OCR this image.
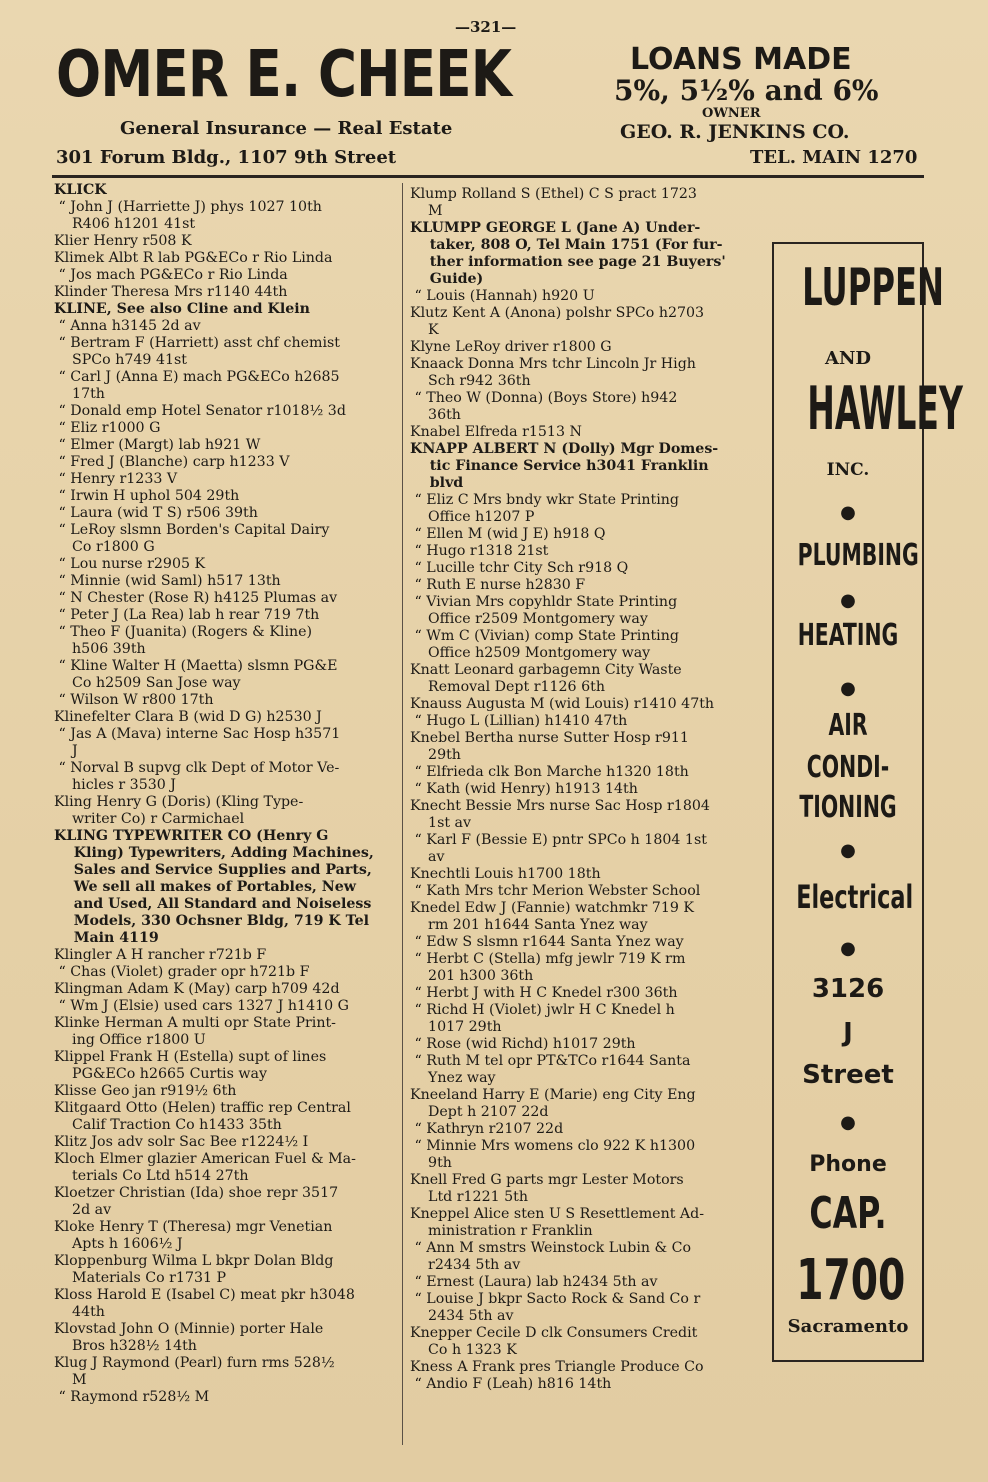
—321—
OMER E. CHEEK
General Insurance — Real Estate
301 Forum Bldg., 1107 9th Street
LOANS MADE
5%, 5½% and 6%
OWNER
GEO. R. JENKINS CO.
TEL. MAIN 1270
KLICK
“ John J (Harriette J) phys 1027 10th
R406 h1201 41st
Klier Henry r508 K
Klimek Albt R lab PG&ECo r Rio Linda
“ Jos mach PG&ECo r Rio Linda
Klinder Theresa Mrs r1140 44th
KLINE, See also Cline and Klein
“ Anna h3145 2d av
“ Bertram F (Harriett) asst chf chemist
SPCo h749 41st
“ Carl J (Anna E) mach PG&ECo h2685
17th
“ Donald emp Hotel Senator r1018½ 3d
“ Eliz r1000 G
“ Elmer (Margt) lab h921 W
“ Fred J (Blanche) carp h1233 V
“ Henry r1233 V
“ Irwin H uphol 504 29th
“ Laura (wid T S) r506 39th
“ LeRoy slsmn Borden's Capital Dairy
Co r1800 G
“ Lou nurse r2905 K
“ Minnie (wid Saml) h517 13th
“ N Chester (Rose R) h4125 Plumas av
“ Peter J (La Rea) lab h rear 719 7th
“ Theo F (Juanita) (Rogers & Kline)
h506 39th
“ Kline Walter H (Maetta) slsmn PG&E
Co h2509 San Jose way
“ Wilson W r800 17th
Klinefelter Clara B (wid D G) h2530 J
“ Jas A (Mava) interne Sac Hosp h3571
J
“ Norval B supvg clk Dept of Motor Ve-
hicles r 3530 J
Kling Henry G (Doris) (Kling Type-
writer Co) r Carmichael
KLING TYPEWRITER CO (Henry G
Kling) Typewriters, Adding Machines,
Sales and Service Supplies and Parts,
We sell all makes of Portables, New
and Used, All Standard and Noiseless
Models, 330 Ochsner Bldg, 719 K Tel
Main 4119
Klingler A H rancher r721b F
“ Chas (Violet) grader opr h721b F
Klingman Adam K (May) carp h709 42d
“ Wm J (Elsie) used cars 1327 J h1410 G
Klinke Herman A multi opr State Print-
ing Office r1800 U
Klippel Frank H (Estella) supt of lines
PG&ECo h2665 Curtis way
Klisse Geo jan r919½ 6th
Klitgaard Otto (Helen) traffic rep Central
Calif Traction Co h1433 35th
Klitz Jos adv solr Sac Bee r1224½ I
Kloch Elmer glazier American Fuel & Ma-
terials Co Ltd h514 27th
Kloetzer Christian (Ida) shoe repr 3517
2d av
Kloke Henry T (Theresa) mgr Venetian
Apts h 1606½ J
Kloppenburg Wilma L bkpr Dolan Bldg
Materials Co r1731 P
Kloss Harold E (Isabel C) meat pkr h3048
44th
Klovstad John O (Minnie) porter Hale
Bros h328½ 14th
Klug J Raymond (Pearl) furn rms 528½
M
“ Raymond r528½ M
Klump Rolland S (Ethel) C S pract 1723
M
KLUMPP GEORGE L (Jane A) Under-
taker, 808 O, Tel Main 1751 (For fur-
ther information see page 21 Buyers'
Guide)
“ Louis (Hannah) h920 U
Klutz Kent A (Anona) polshr SPCo h2703
K
Klyne LeRoy driver r1800 G
Knaack Donna Mrs tchr Lincoln Jr High
Sch r942 36th
“ Theo W (Donna) (Boys Store) h942
36th
Knabel Elfreda r1513 N
KNAPP ALBERT N (Dolly) Mgr Domes-
tic Finance Service h3041 Franklin
blvd
“ Eliz C Mrs bndy wkr State Printing
Office h1207 P
“ Ellen M (wid J E) h918 Q
“ Hugo r1318 21st
“ Lucille tchr City Sch r918 Q
“ Ruth E nurse h2830 F
“ Vivian Mrs copyhldr State Printing
Office r2509 Montgomery way
“ Wm C (Vivian) comp State Printing
Office h2509 Montgomery way
Knatt Leonard garbagemn City Waste
Removal Dept r1126 6th
Knauss Augusta M (wid Louis) r1410 47th
“ Hugo L (Lillian) h1410 47th
Knebel Bertha nurse Sutter Hosp r911
29th
“ Elfrieda clk Bon Marche h1320 18th
“ Kath (wid Henry) h1913 14th
Knecht Bessie Mrs nurse Sac Hosp r1804
1st av
“ Karl F (Bessie E) pntr SPCo h 1804 1st
av
Knechtli Louis h1700 18th
“ Kath Mrs tchr Merion Webster School
Knedel Edw J (Fannie) watchmkr 719 K
rm 201 h1644 Santa Ynez way
“ Edw S slsmn r1644 Santa Ynez way
“ Herbt C (Stella) mfg jewlr 719 K rm
201 h300 36th
“ Herbt J with H C Knedel r300 36th
“ Richd H (Violet) jwlr H C Knedel h
1017 29th
“ Rose (wid Richd) h1017 29th
“ Ruth M tel opr PT&TCo r1644 Santa
Ynez way
Kneeland Harry E (Marie) eng City Eng
Dept h 2107 22d
“ Kathryn r2107 22d
“ Minnie Mrs womens clo 922 K h1300
9th
Knell Fred G parts mgr Lester Motors
Ltd r1221 5th
Kneppel Alice sten U S Resettlement Ad-
ministration r Franklin
“ Ann M smstrs Weinstock Lubin & Co
r2434 5th av
“ Ernest (Laura) lab h2434 5th av
“ Louise J bkpr Sacto Rock & Sand Co r
2434 5th av
Knepper Cecile D clk Consumers Credit
Co h 1323 K
Kness A Frank pres Triangle Produce Co
“ Andio F (Leah) h816 14th
LUPPEN
AND
HAWLEY
INC.
●
PLUMBING
●
HEATING
●
AIR
CONDI-
TIONING
●
Electrical
●
3126
J
Street
●
Phone
CAP.
1700
Sacramento
